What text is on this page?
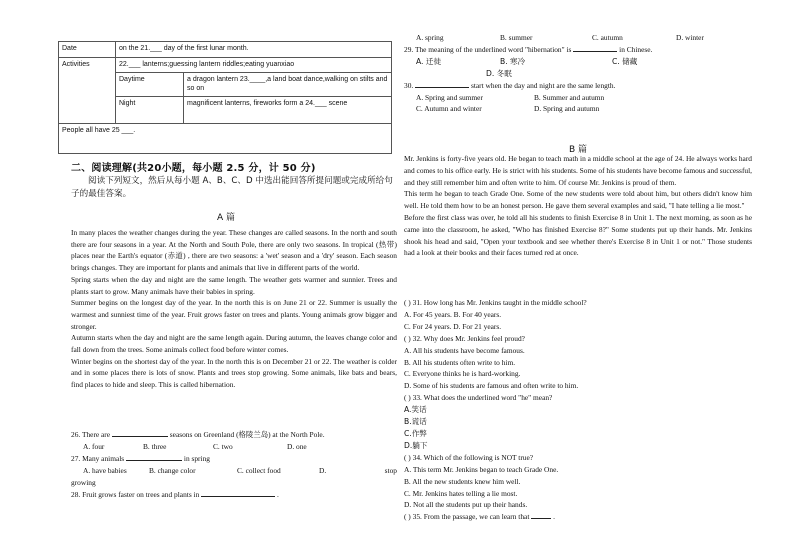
Date	on the 21.___ day of the first lunar month.	
Activities	22.___ lanterns;guessing lantern riddles;eating yuanxiao	
	Daytime	a dragon lantern 23.____,a land boat dance,walking on stilts and so on
	Night	magnificent lanterns, fireworks form a 24.___ scene
People all have 25 ___.		
二、阅读理解(共20小题，每小题 2.5 分，计 50 分)
阅读下列短文，然后从每小题 A、B、C、D 中选出能回答所提问题或完成所给句子的最佳答案。
A 篇
In many places the weather changes during the year. These changes are called seasons. In the north and south there are four seasons in a year. At the North and South Pole, there are only two seasons. In tropical (热带) places near the Earth's equator (赤道) , there are two seasons: a 'wet' season and a 'dry' season. Each season brings changes. They are important for plants and animals that live in different parts of the world.
Spring starts when the day and night are the same length. The weather gets warmer and sunnier. Trees and plants start to grow. Many animals have their babies in spring.
Summer begins on the longest day of the year. In the north this is on June 21 or 22. Summer is usually the warmest and sunniest time of the year. Fruit grows faster on trees and plants. Young animals grow bigger and stronger.
Autumn starts when the day and night are the same length again. During autumn, the leaves change color and fall down from the trees. Some animals collect food before winter comes.
Winter begins on the shortest day of the year. In the north this is on December 21 or 22. The weather is colder and in some places there is lots of snow. Plants and trees stop growing. Some animals, like bats and bears, find places to hide and sleep. This is called hibernation.
26. There are	seasons on Greenland (格陵兰岛) at the North Pole.
A. four	B. three	C. two	D. one
27. Many animals	in spring
A. have babies	B. change color	C. collect food	D.	stop
growing
28. Fruit grows faster on trees and plants in	.
A. spring	B. summer	C. autumn	D. winter
29. The meaning of the underlined word "hibernation" is	in Chinese.
A. 迁徙	B. 寒冷	C. 储藏
D. 冬眠
30.	start when the day and night are the same length.
A. Spring and summer	B. Summer and autumn
C. Autumn and winter	D. Spring and autumn
B 篇

Mr. Jenkins is forty-five years old. He began to teach math in a middle school at the age of 24. He always works hard and comes to his office early. He is strict with his students. Some of his students have become famous and successful, and they still remember him and often write to him. Of course Mr. Jenkins is proud of them.

This term he began to teach Grade One. Some of the new students were told about him, but others didn't know him well. He told them how to be an honest person. He gave them several examples and said, "I hate telling a lie most."

Before the first class was over, he told all his students to finish Exercise 8 in Unit 1. The next morning, as soon as he came into the classroom, he asked, "Who has finished Exercise 8?" Some students put up their hands. Mr. Jenkins shook his head and said, "Open your textbook and see whether there's Exercise 8 in Unit 1 or not." Those students had a look at their books and their faces turned red at once.

( ) 31. How long has Mr. Jenkins taught in the middle school?
A. For 45 years. B. For 40 years.
C. For 24 years. D. For 21 years.
( ) 32. Why does Mr. Jenkins feel proud?
A. All his students have become famous.
B. All his students often write to him.
C. Everyone thinks he is hard-working.
D. Some of his students are famous and often write to him.
( ) 33. What does the underlined word "he" mean?
A.笑话
B.谎话
C.作弊
D.躺下
( ) 34. Which of the following is NOT true?
A. This term Mr. Jenkins began to teach Grade One.
B. All the new students knew him well.
C. Mr. Jenkins hates telling a lie most.
D. Not all the students put up their hands.
( ) 35. From the passage, we can learn that	.
